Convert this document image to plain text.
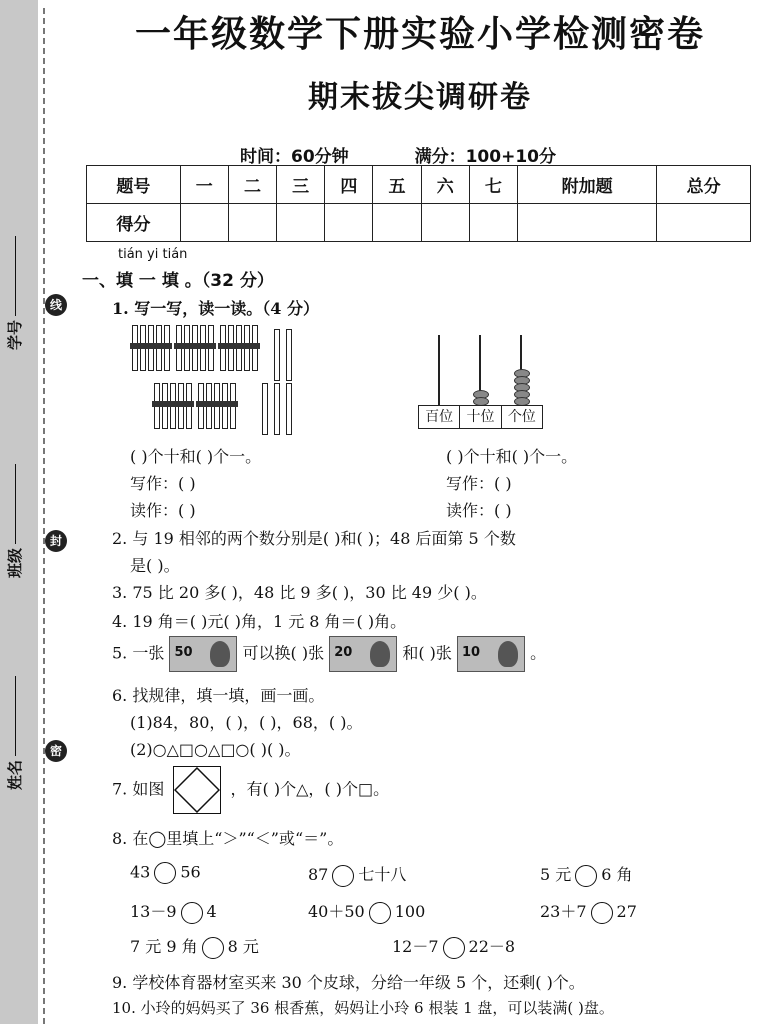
学号
班级
姓名
线
封
密
一年级数学下册实验小学检测密卷
期末拔尖调研卷
时间：60分钟	满分：100+10分
题号	一	二	三	四	五	六	七	附加题	总分
得分									
tián yi tián
一、填 一 填 。（32 分）
1. 写一写，读一读。（4 分）
百位 十位 个位
( )个十和( )个一。	( )个十和( )个一。
写作：( )	写作：( )
读作：( )	读作：( )
2. 与 19 相邻的两个数分别是( )和( )；48 后面第 5 个数
是( )。
3. 75 比 20 多( )，48 比 9 多( )，30 比 49 少( )。
4. 19 角＝( )元( )角，1 元 8 角＝( )角。
5. 一张 50	可以换( )张 20	和( )张 10	。
6. 找规律，填一填，画一画。
(1)84，80，( )，( )，68，( )。
(2)○△□○△□○( )( )。
7. 如图	，有( )个△，( )个□。
8. 在◯里填上“＞”“＜”或“＝”。
43 56	87 七十八	5 元 6 角
13－9 4	40＋50 100	23＋7 27
7 元 9 角 8 元	12－7 22－8
9. 学校体育器材室买来 30 个皮球，分给一年级 5 个，还剩( )个。
10. 小玲的妈妈买了 36 根香蕉，妈妈让小玲 6 根装 1 盘，可以装满( )盘。
